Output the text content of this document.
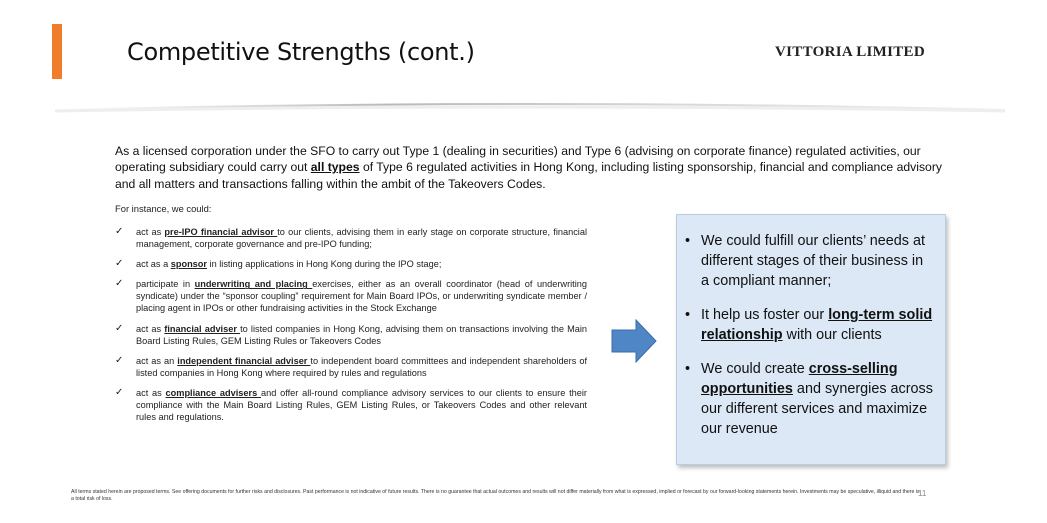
Competitive Strengths (cont.)	VITTORIA LIMITED
As a licensed corporation under the SFO to carry out Type 1 (dealing in securities) and Type 6 (advising on corporate finance) regulated activities, our operating subsidiary could carry out all types of Type 6 regulated activities in Hong Kong, including listing sponsorship, financial and compliance advisory and all matters and transactions falling within the ambit of the Takeovers Codes.
For instance, we could:
✓ act as pre-IPO financial advisor to our clients, advising them in early stage on corporate structure, financial management, corporate governance and pre-IPO funding;
✓ act as a sponsor in listing applications in Hong Kong during the IPO stage;
✓ participate in underwriting and placing exercises, either as an overall coordinator (head of underwriting syndicate) under the “sponsor coupling” requirement for Main Board IPOs, or underwriting syndicate member / placing agent in IPOs or other fundraising activities in the Stock Exchange
✓ act as financial adviser to listed companies in Hong Kong, advising them on transactions involving the Main Board Listing Rules, GEM Listing Rules or Takeovers Codes
✓ act as an independent financial adviser to independent board committees and independent shareholders of listed companies in Hong Kong where required by rules and regulations
✓ act as compliance advisers and offer all-round compliance advisory services to our clients to ensure their compliance with the Main Board Listing Rules, GEM Listing Rules, or Takeovers Codes and other relevant rules and regulations.
• We could fulfill our clients’ needs at different stages of their business in a compliant manner;
• It help us foster our long-term solid relationship with our clients
• We could create cross-selling opportunities and synergies across our different services and maximize our revenue
All terms stated herein are proposed terms. See offering documents for further risks and disclosures. Past performance is not indicative of future results. There is no guarantee that actual outcomes and results will not differ materially from what is expressed, implied or forecast by our forward-looking statements herein. Investments may be speculative, illiquid and there is a total risk of loss.
11
